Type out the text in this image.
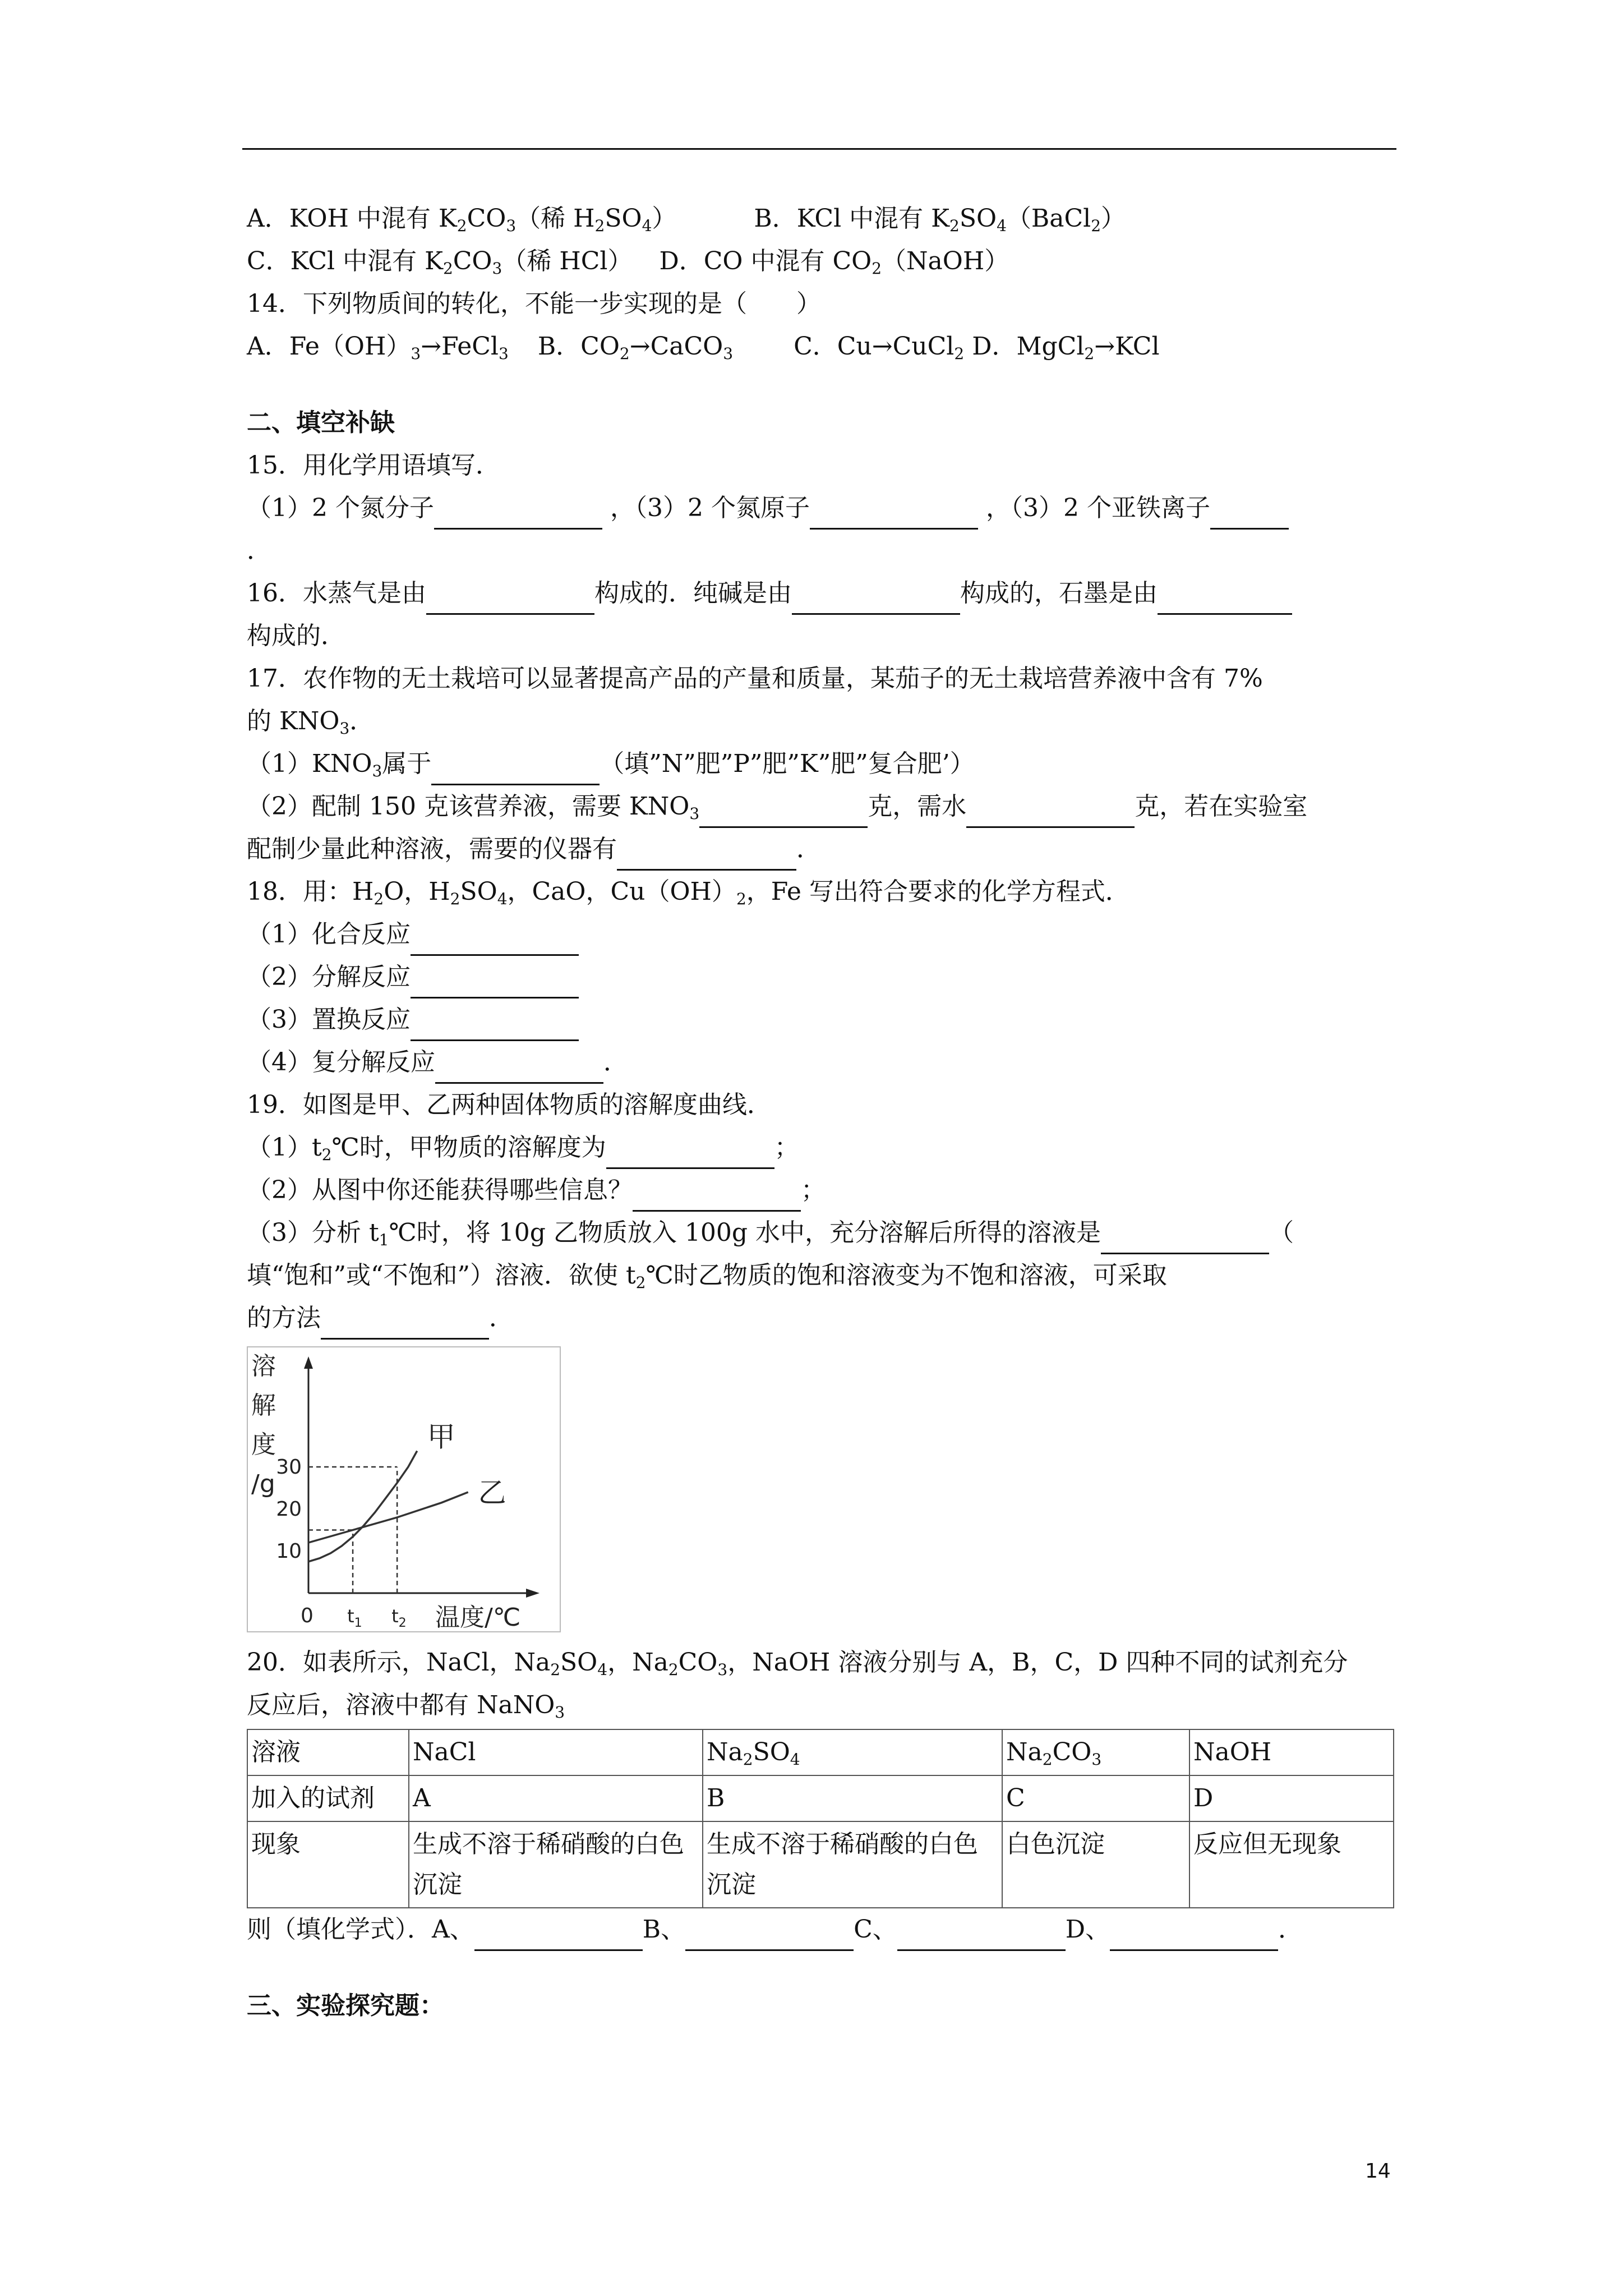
A．KOH 中混有 $K_2CO_3$（稀 $H_2SO_4$）	B．KCl 中混有 $K_2SO_4(BaCl_2)$
C．KCl 中混有 $K_2CO_3$（稀 HCl） D．CO 中混有 $CO_2(NaOH)$
14．下列物质间的转化，不能一步实现的是（　　）
A．$Fe(OH)_3\to FeCl_3$ B．$CO_2\to CaCO_3$ C．Cu→CuCl$_2$ D．MgCl$_2$→KCl
二、填空补缺
15．用化学用语填写．
（1）2 个氮分子	，（3）2 个氮原子	，（3）2 个亚铁离子
．
16．水蒸气是由	构成的．纯碱是由	构成的，石墨是由
构成的．
17．农作物的无土栽培可以显著提高产品的产量和质量，某茄子的无土栽培营养液中含有 7%
的 $KNO_3$．
$(1)KNO_3$属于	（填”N”肥”P”肥”K”肥”复合肥’）
（2）配制 150 克该营养液，需要 $KNO_3$	克，需水	克，若在实验室
配制少量此种溶液，需要的仪器有	．
18．用：$H_2O$，$H_2SO_4$，CaO，$Cu(OH)_2$，Fe 写出符合要求的化学方程式．
（1）化合反应
（2）分解反应
（3）置换反应
（4）复分解反应	．
19．如图是甲、乙两种固体物质的溶解度曲线．
$(1)t_2℃$时，甲物质的溶解度为	；
（2）从图中你还能获得哪些信息？	；
（3）分析 $t_1℃$时，将 10g 乙物质放入 100g 水中，充分溶解后所得的溶液是	（
填“饱和”或“不饱和”）溶液．欲使 $t_2℃$时乙物质的饱和溶液变为不饱和溶液，可采取
的方法	．
10
20
30
0 $t_1$ $t_2$
溶
解
度
/g
温度/℃
甲
乙
20．如表所示，NaCl，$Na_2SO_4$，$Na_2CO_3$，NaOH 溶液分别与 A，B，C，D 四种不同的试剂充分
反应后，溶液中都有 NaNO$_3$
溶液	NaCl	$Na_2SO_4$	$Na_2CO_3$	NaOH
加入的试剂	A	B	C	D
现象	生成不溶于稀硝酸的白色沉淀	生成不溶于稀硝酸的白色沉淀	白色沉淀	反应但无现象
则（填化学式）．A、	B、	C、	D、	．
三、实验探究题：
14
